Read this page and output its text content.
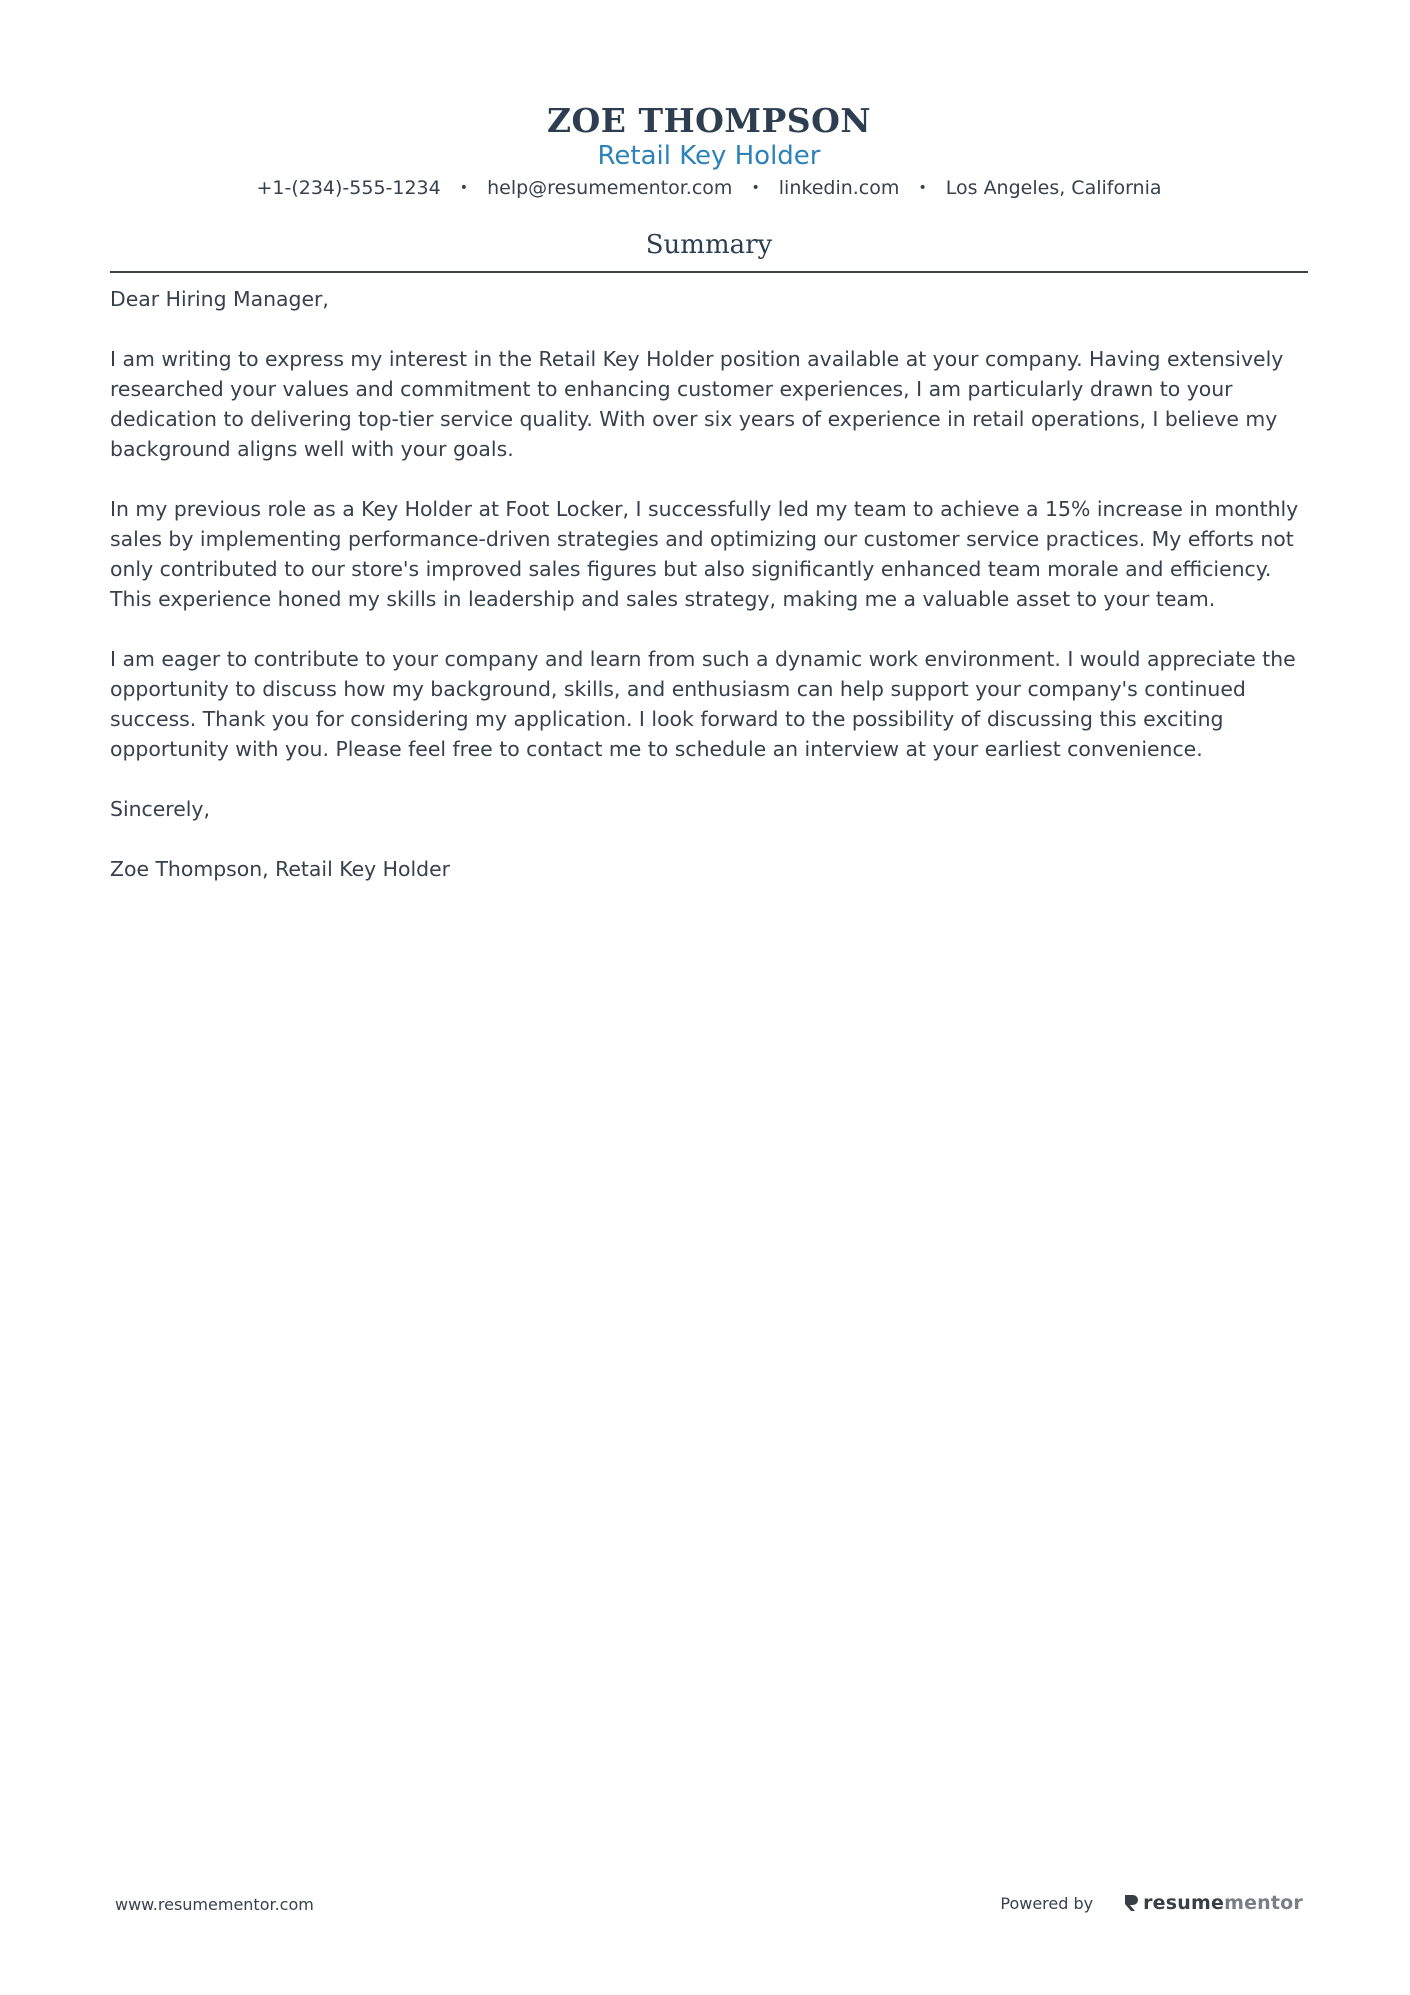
ZOE THOMPSON
Retail Key Holder
+1-(234)-555-1234 • help@resumementor.com • linkedin.com • Los Angeles, California
Summary

Dear Hiring Manager,

I am writing to express my interest in the Retail Key Holder position available at your company. Having extensively researched your values and commitment to enhancing customer experiences, I am particularly drawn to your dedication to delivering top-tier service quality. With over six years of experience in retail operations, I believe my background aligns well with your goals.

In my previous role as a Key Holder at Foot Locker, I successfully led my team to achieve a 15% increase in monthly sales by implementing performance-driven strategies and optimizing our customer service practices. My efforts not only contributed to our store's improved sales figures but also significantly enhanced team morale and efficiency. This experience honed my skills in leadership and sales strategy, making me a valuable asset to your team.

I am eager to contribute to your company and learn from such a dynamic work environment. I would appreciate the opportunity to discuss how my background, skills, and enthusiasm can help support your company's continued success. Thank you for considering my application. I look forward to the possibility of discussing this exciting opportunity with you. Please feel free to contact me to schedule an interview at your earliest convenience.

Sincerely,

Zoe Thompson, Retail Key Holder

www.resumementor.com	Powered by	resume mentor
